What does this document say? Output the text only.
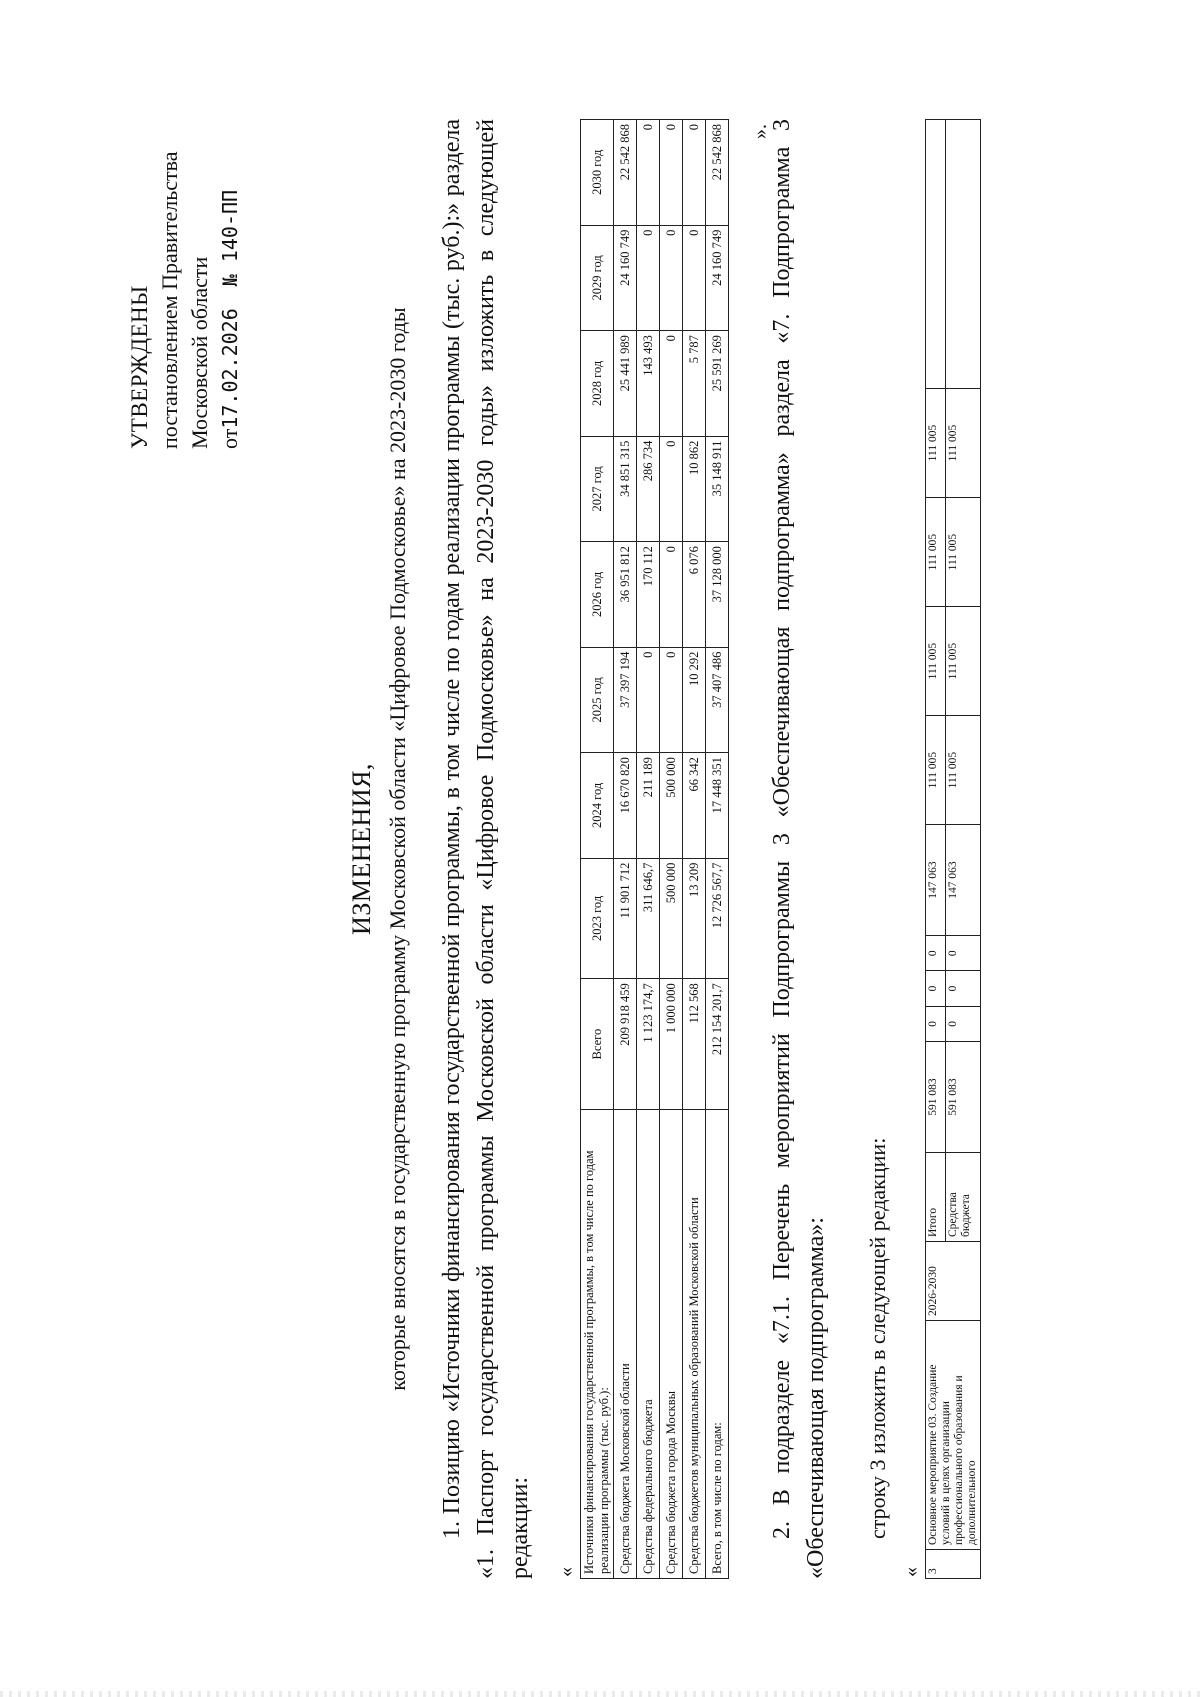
УТВЕРЖДЕНЫ постановлением Правительства Московской области от17.02.2026    № 140-ПП
ИЗМЕНЕНИЯ, которые вносятся в государственную программу Московской области «Цифровое Подмосковье» на 2023-2030 годы 1. Позицию «Источники финансирования государственной программы, в том числе по годам реализации программы (тыс. руб.):» раздела «1. Паспорт государственной программы Московской области «Цифровое Подмосковье» на 2023-2030 годы» изложить в следующей редакции: « Источники финансирования государственной программы, в том числе по годам реализации программы (тыс. руб.):	Всего	2023 год	2024 год	2025 год	2026 год	2027 год	2028 год	2029 год	2030 год
Средства бюджета Московской области	209 918 459	11 901 712	16 670 820	37 397 194	36 951 812	34 851 315	25 441 989	24 160 749	22 542 868
Средства федерального бюджета	1 123 174,7	311 646,7	211 189	0	170 112	286 734	143 493	0	0
Средства бюджета города Москвы	1 000 000	500 000	500 000	0	0	0	0	0	0
Средства бюджетов муниципальных образований Московской области	112 568	13 209	66 342	10 292	6 076	10 862	5 787	0	0
Всего, в том числе по годам:	212 154 201,7	12 726 567,7	17 448 351	37 407 486	37 128 000	35 148 911	25 591 269	24 160 749	22 542 868 ».
2. В подразделе «7.1. Перечень мероприятий Подпрограммы 3 «Обеспечивающая подпрограмма» раздела «7. Подпрограмма 3 «Обеспечивающая подпрограмма»: строку 3 изложить в следующей редакции:
« 3	Основное мероприятие 03. Создание условий в целях организации профессионального образования и дополнительного	2026-2030	Итого	591 083	0	0	0	147 063	111 005	111 005	111 005	111 005	
			Средства бюджета	591 083	0	0	0	147 063	111 005	111 005	111 005	111 005	
